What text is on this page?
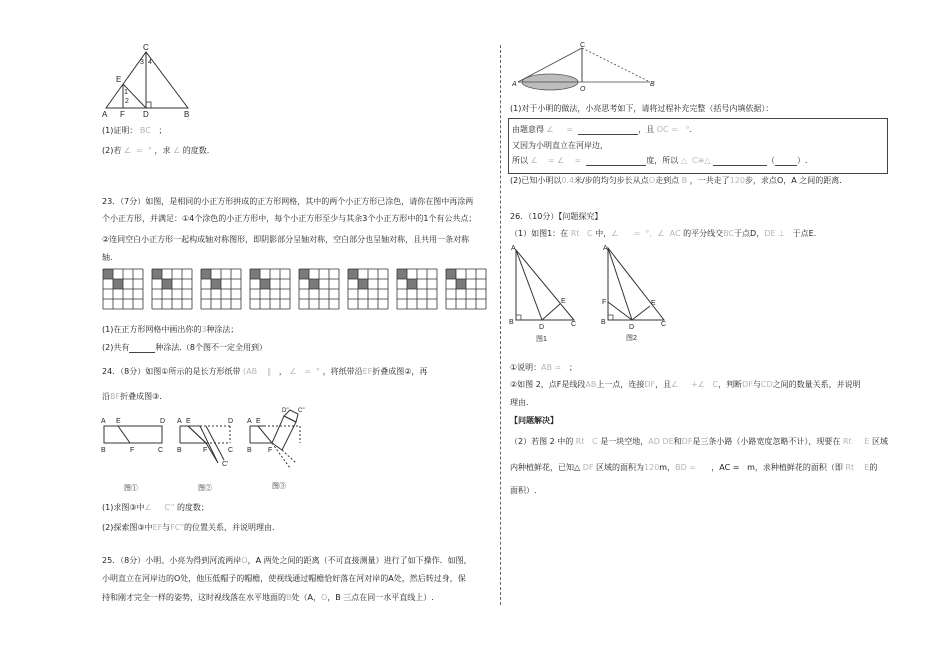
C
E
A F D	B
1
2
3 4
(1)证明： BC   ；
(2)若 ∠  =  ° ，求 ∠ 的度数.
23．（7分）如图，是相同的小正方形拼成的正方形网格，其中的两个小正方形已涂色，请你在图中再涂两
个小正方形，并满足：①4个涂色的小正方形中，每个小正方形至少与其余3个小正方形中的1个有公共点；
②连同空白小正方形一起构成轴对称图形，即阴影部分呈轴对称，空白部分也呈轴对称，且共用一条对称
轴.
(1)在正方形网格中画出你的3种涂法；
(2)共有	种涂法.（8个图不一定全用到）
24．（8分）如图①所示的是长方形纸带 (AB ∥ ， ∠   =  ° ，将纸带沿EF折叠成图②，再
沿BF折叠成图③.
A E	D
B	F	C
图①
A E	D
B	F	C
C'
图②
A E
D'' C''
B F
图③
(1)求图③中∠     C'' 的度数；
(2)探索图③中EF与FC"的位置关系，并说明理由.
25．（8分）小明、小亮为得到河流两岸O，A 两处之间的距离（不可直接测量）进行了如下操作．如图，
小明直立在河岸边的O处，他压低帽子的帽檐，使视线通过帽檐恰好落在河对岸的A处，然后转过身，保
持和刚才完全一样的姿势，这时视线落在水平地面的B处（A，O，B 三点在同一水平直线上）.
C
A
O
B
(1)对于小明的做法，小亮思考如下，请将过程补充完整（括号内填依据）：
由题意得 ∠     =	，且 OC =   °.
又因为小明直立在河岸边，
所以 ∠    = ∠    =	度，所以 △  C≅△	（	）.
(2)已知小明以0.4米/步的均匀步长从点O走到点 B ，一共走了120步，求点O，A 之间的距离.
26．（10分）【问题探究】
（1）如图1：在 Rt   C 中，∠      =  °，∠  AC 的平分线交BC于点D，DE ⊥   于点E.
A
B
D	C
E
图1
A
F
B
D	C
E
图2
①说明：AB = ；
②如图 2，点F是线段AB上一点，连接DF，且∠     +∠   C，判断DF与CD之间的数量关系，并说明
理由.
【问题解决】
（2）若图 2 中的 Rt   C 是一块空地，AD DE和DF是三条小路（小路宽度忽略不计），现要在 Rt     E 区域
内种植鲜花，已知△ DF 区域的面积为120m，BD = ，AC = m，求种植鲜花的面积（即 Rt    E的
面积）.
